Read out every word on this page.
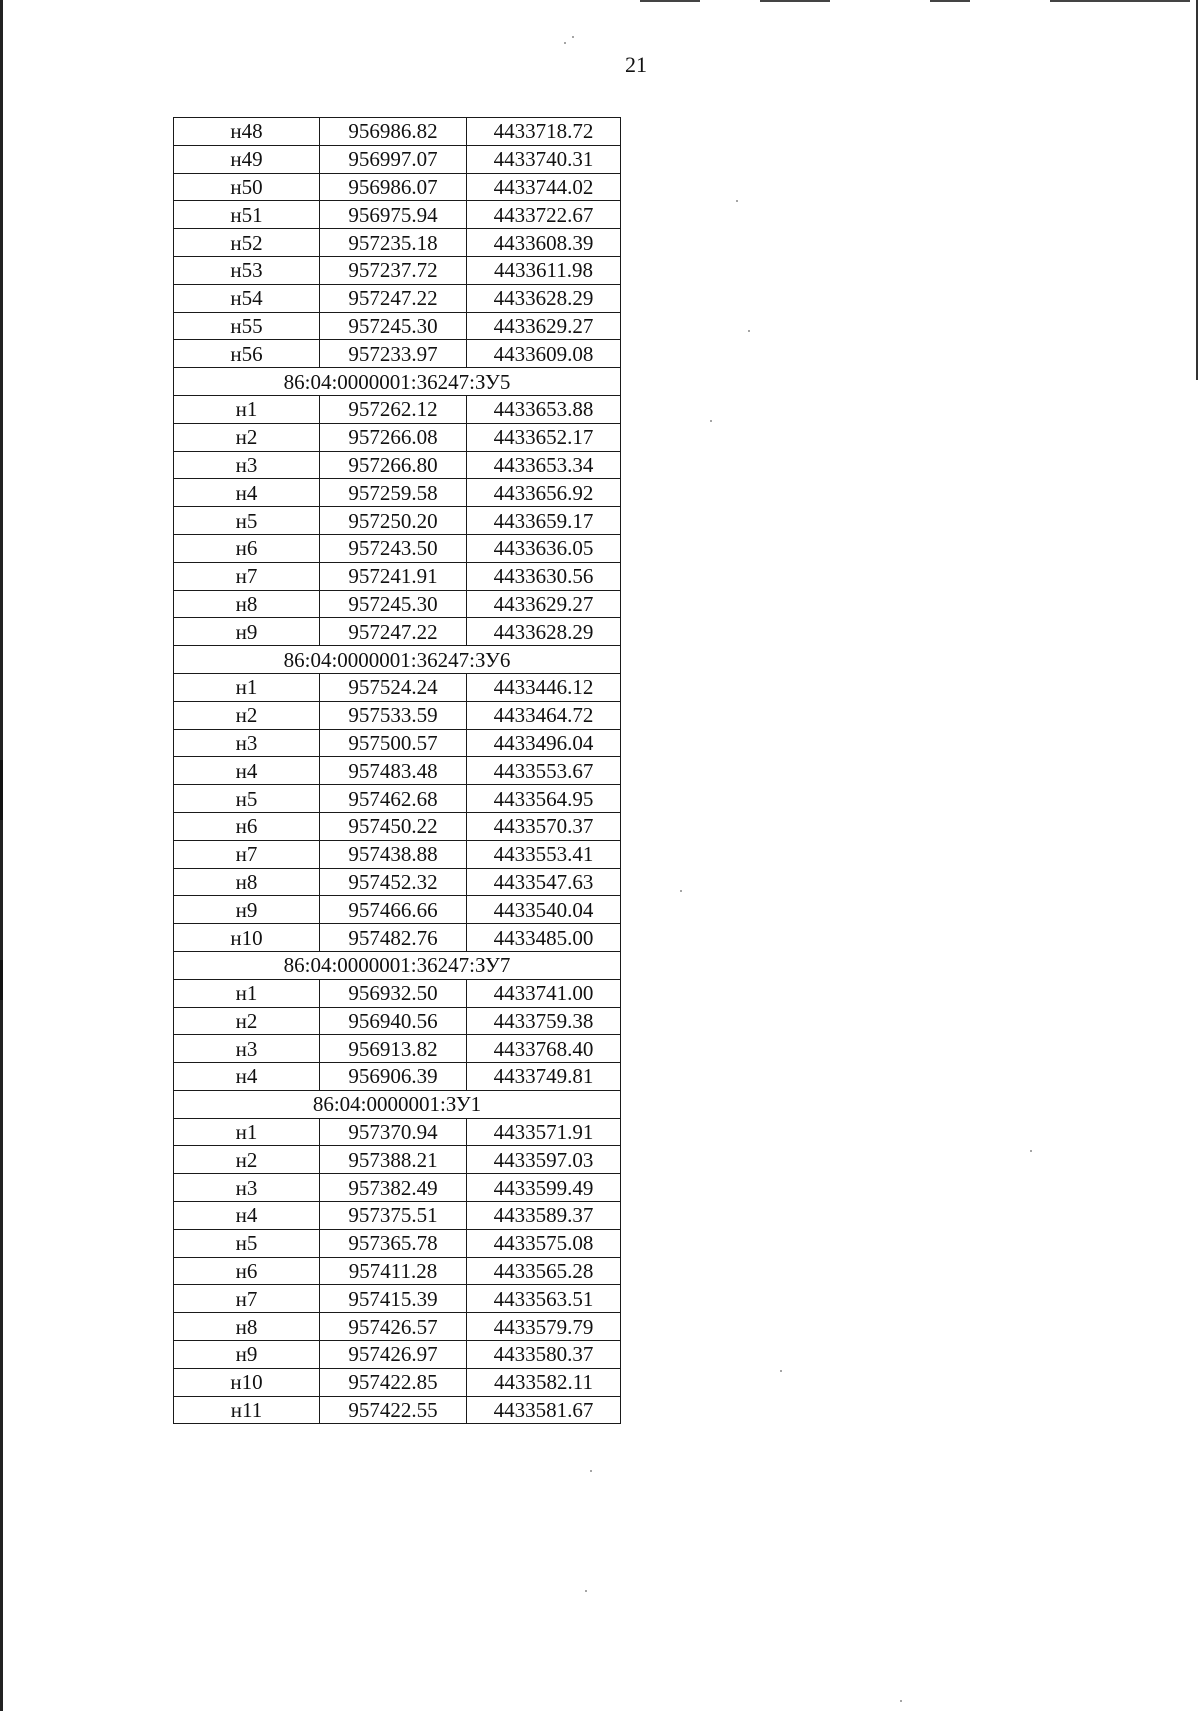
21
н48	956986.82	4433718.72
н49	956997.07	4433740.31
н50	956986.07	4433744.02
н51	956975.94	4433722.67
н52	957235.18	4433608.39
н53	957237.72	4433611.98
н54	957247.22	4433628.29
н55	957245.30	4433629.27
н56	957233.97	4433609.08
86:04:0000001:36247:ЗУ5		
н1	957262.12	4433653.88
н2	957266.08	4433652.17
н3	957266.80	4433653.34
н4	957259.58	4433656.92
н5	957250.20	4433659.17
н6	957243.50	4433636.05
н7	957241.91	4433630.56
н8	957245.30	4433629.27
н9	957247.22	4433628.29
86:04:0000001:36247:ЗУ6		
н1	957524.24	4433446.12
н2	957533.59	4433464.72
н3	957500.57	4433496.04
н4	957483.48	4433553.67
н5	957462.68	4433564.95
н6	957450.22	4433570.37
н7	957438.88	4433553.41
н8	957452.32	4433547.63
н9	957466.66	4433540.04
н10	957482.76	4433485.00
86:04:0000001:36247:ЗУ7		
н1	956932.50	4433741.00
н2	956940.56	4433759.38
н3	956913.82	4433768.40
н4	956906.39	4433749.81
86:04:0000001:ЗУ1		
н1	957370.94	4433571.91
н2	957388.21	4433597.03
н3	957382.49	4433599.49
н4	957375.51	4433589.37
н5	957365.78	4433575.08
н6	957411.28	4433565.28
н7	957415.39	4433563.51
н8	957426.57	4433579.79
н9	957426.97	4433580.37
н10	957422.85	4433582.11
н11	957422.55	4433581.67
